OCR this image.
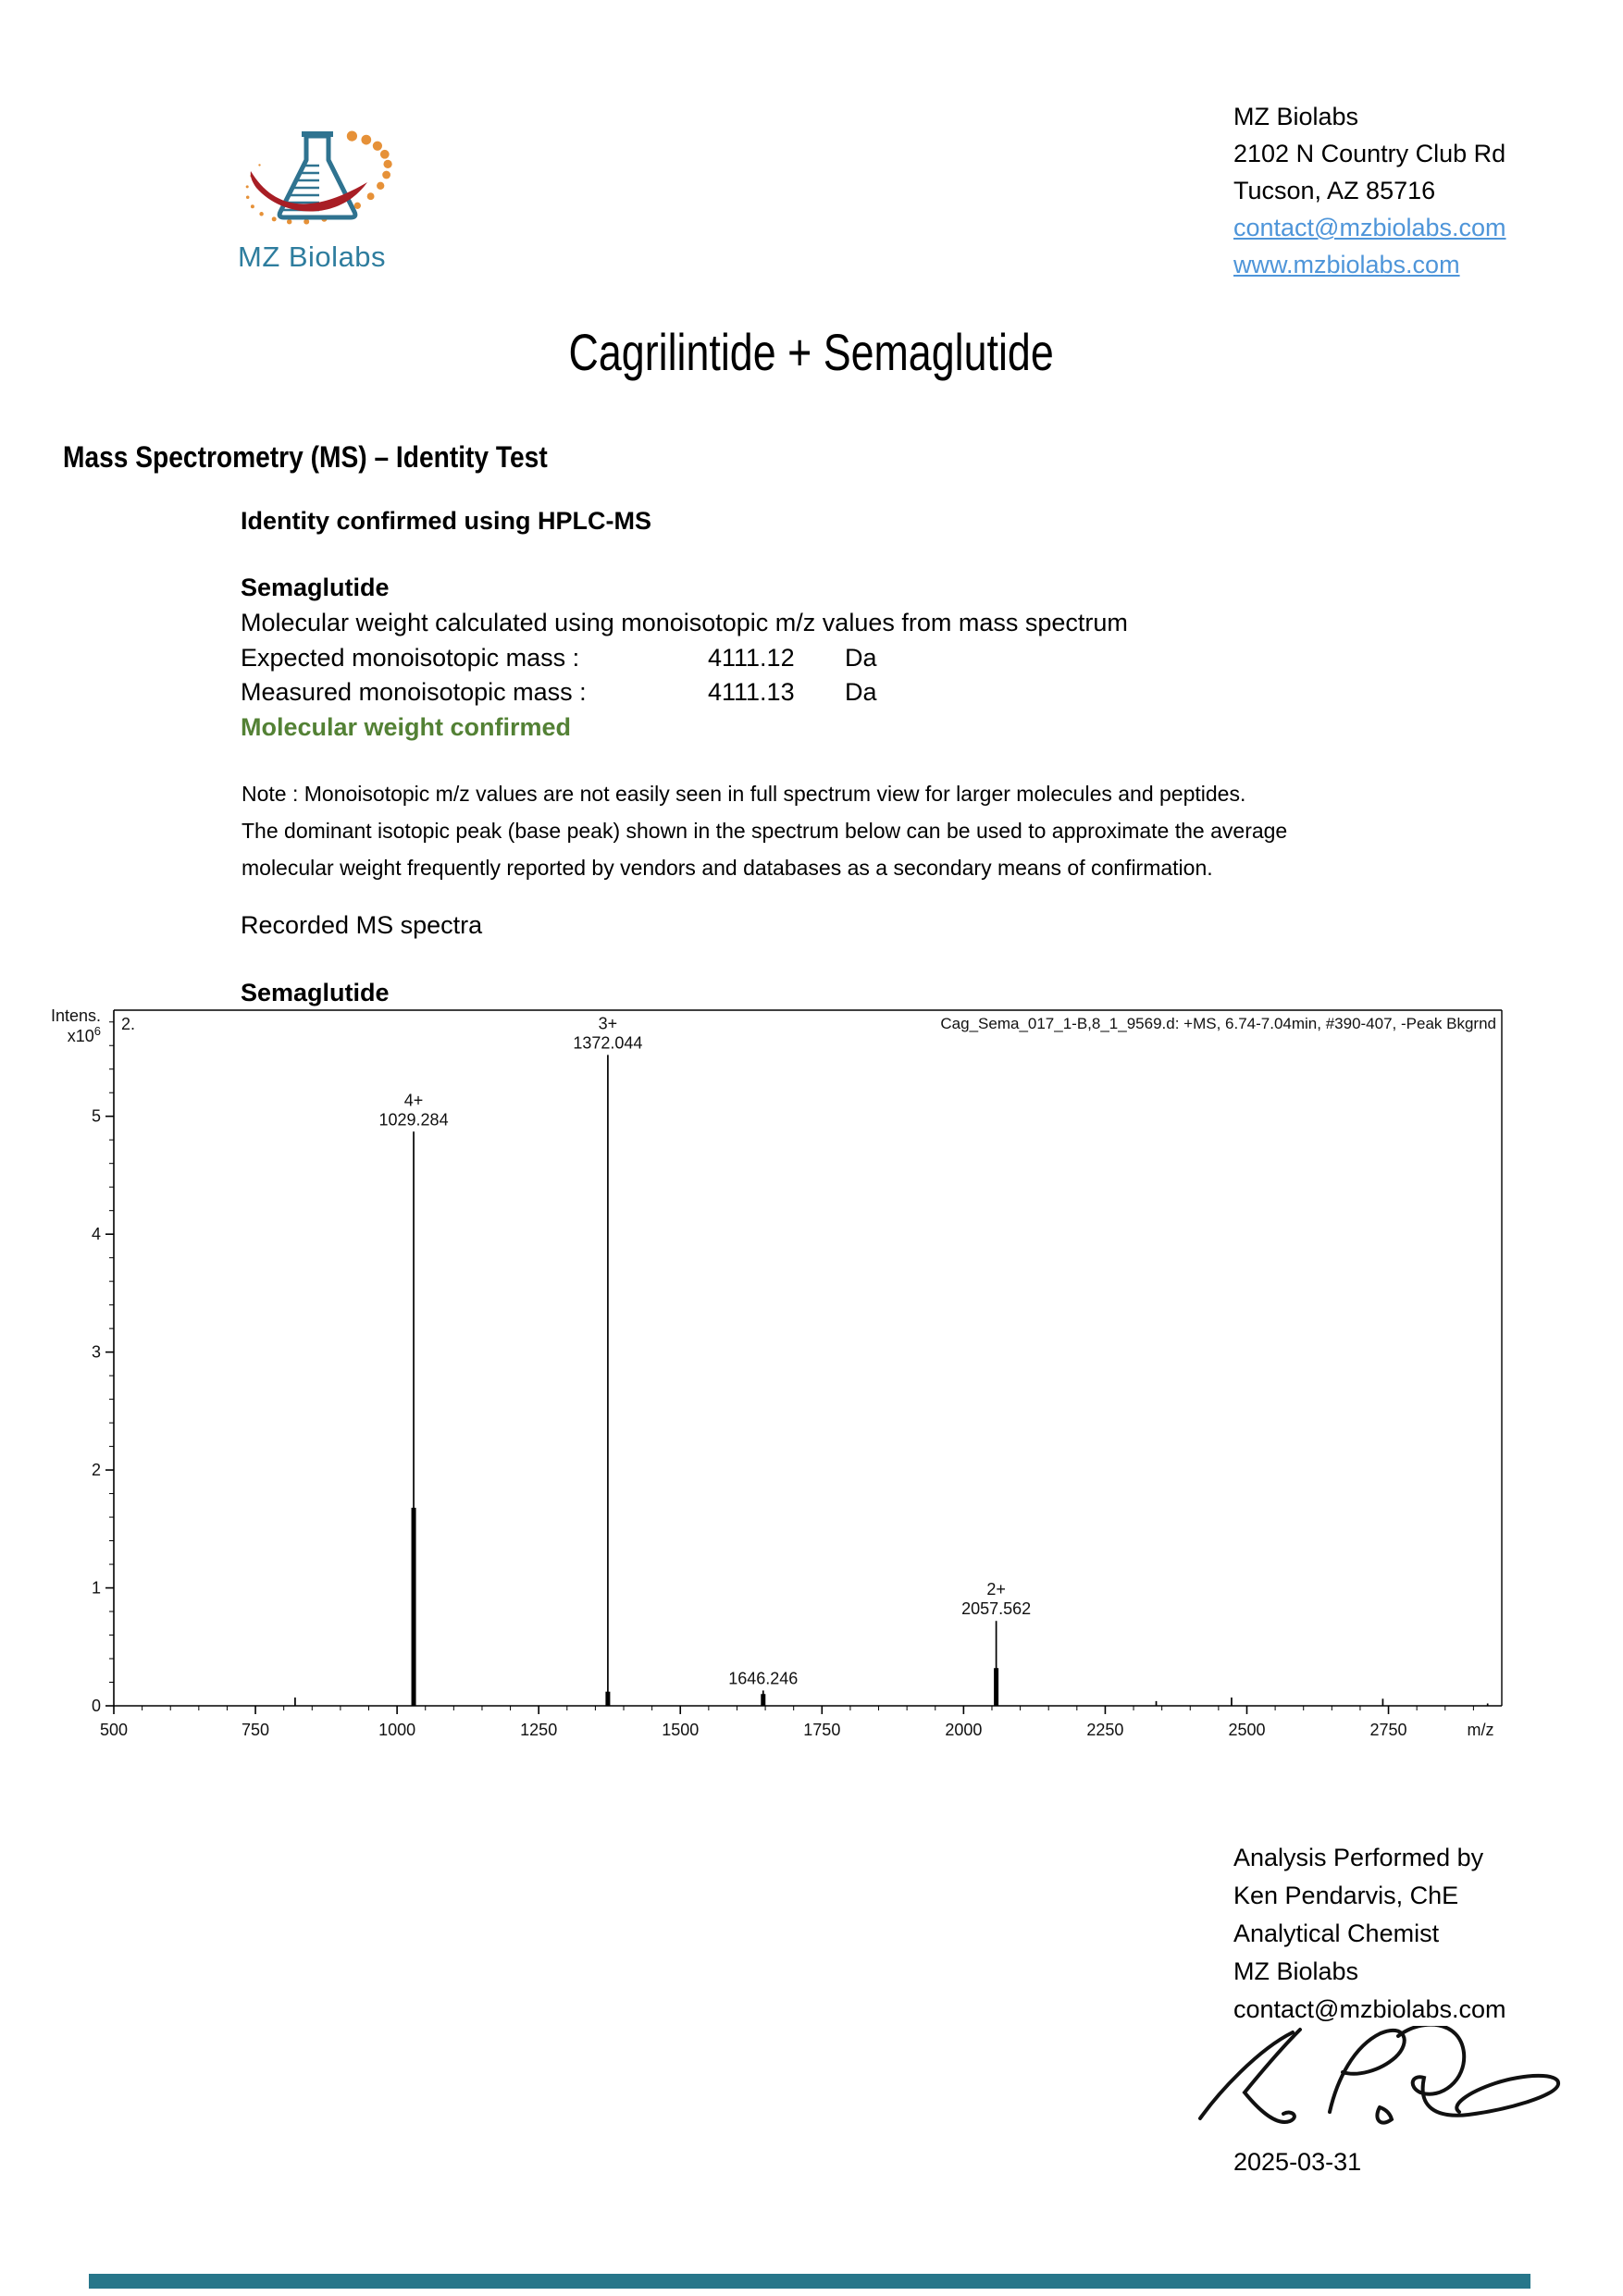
MZ Biolabs
MZ Biolabs
2102 N Country Club Rd
Tucson, AZ 85716
contact@mzbiolabs.com
www.mzbiolabs.com
Cagrilintide + Semaglutide
Mass Spectrometry (MS) – Identity Test
Identity confirmed using HPLC-MS
Semaglutide
Molecular weight calculated using monoisotopic m/z values from mass spectrum
Expected monoisotopic mass :	4111.12	Da
Measured monoisotopic mass :	4111.13	Da
Molecular weight confirmed
Note : Monoisotopic m/z values are not easily seen in full spectrum view for larger molecules and peptides.
The dominant isotopic peak (base peak) shown in the spectrum below can be used to approximate the average
molecular weight frequently reported by vendors and databases as a secondary means of confirmation.
Recorded MS spectra
Semaglutide
0
1
2
3
4
5
500	750	1000	1250	1500	1750	2000	2250	2500	2750	m/z
Intens.
$x10^6$ 2.	Cag_Sema_017_1-B,8_1_9569.d: +MS, 6.74-7.04min, #390-407, -Peak Bkgrnd
4+
1029.284
3+
1372.044
1646.246
2+
2057.562
Analysis Performed by
Ken Pendarvis, ChE
Analytical Chemist
MZ Biolabs
contact@mzbiolabs.com
2025-03-31
